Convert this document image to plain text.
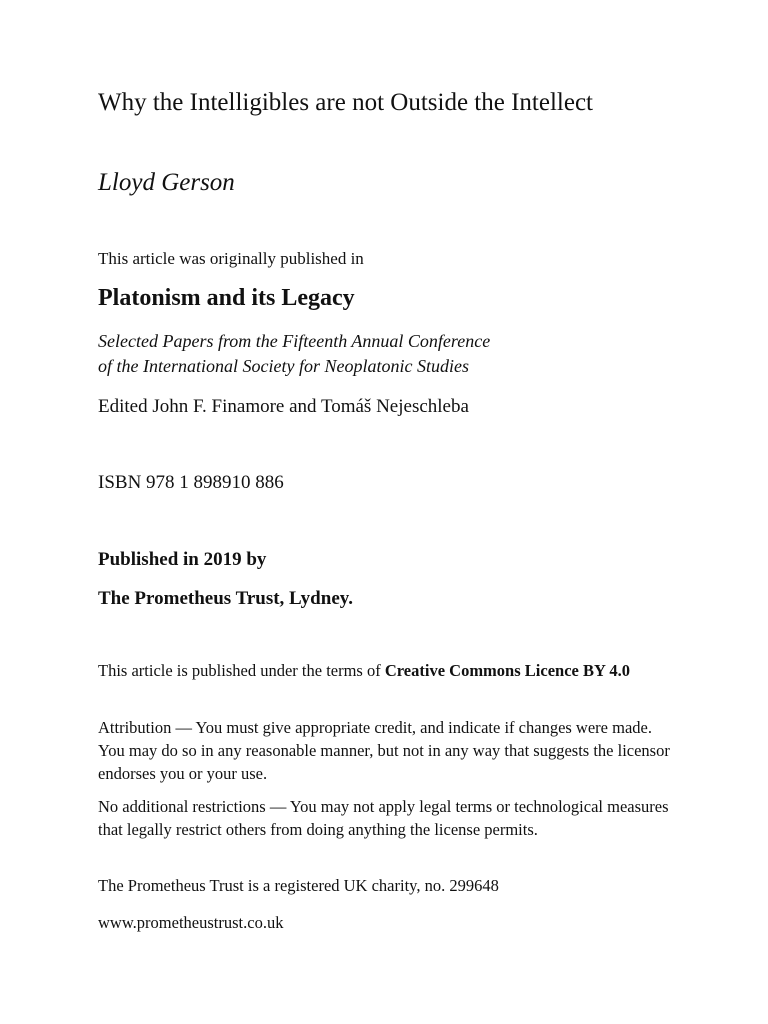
Why the Intelligibles are not Outside the Intellect
Lloyd Gerson
This article was originally published in
Platonism and its Legacy
Selected Papers from the Fifteenth Annual Conference
of the International Society for Neoplatonic Studies
Edited John F. Finamore and Tomáš Nejeschleba
ISBN 978 1 898910 886
Published in 2019 by
The Prometheus Trust, Lydney.

This article is published under the terms of Creative Commons Licence BY 4.0

Attribution — You must give appropriate credit, and indicate if changes were made. You may do so in any reasonable manner, but not in any way that suggests the licensor endorses you or your use.

No additional restrictions — You may not apply legal terms or technological measures that legally restrict others from doing anything the license permits.

The Prometheus Trust is a registered UK charity, no. 299648

www.prometheustrust.co.uk
